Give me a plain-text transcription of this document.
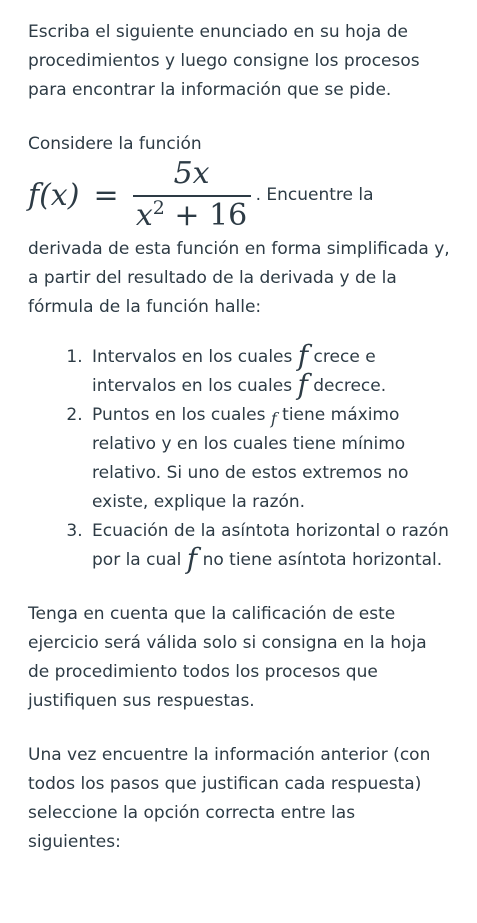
Escriba el siguiente enunciado en su hoja de procedimientos y luego consigne los procesos para encontrar la información que se pide.

Considere la función

$f(x) = \frac{5x}{x^2 + 16}$ . Encuentre la

derivada de esta función en forma simplificada y, a partir del resultado de la derivada y de la fórmula de la función halle:

1. Intervalos en los cuales f crece e intervalos en los cuales f decrece.
2. Puntos en los cuales f tiene máximo relativo y en los cuales tiene mínimo relativo. Si uno de estos extremos no existe, explique la razón.
3. Ecuación de la asíntota horizontal o razón por la cual f no tiene asíntota horizontal.

Tenga en cuenta que la calificación de este ejercicio será válida solo si consigna en la hoja de procedimiento todos los procesos que justifiquen sus respuestas.

Una vez encuentre la información anterior (con todos los pasos que justifican cada respuesta) seleccione la opción correcta entre las siguientes:
